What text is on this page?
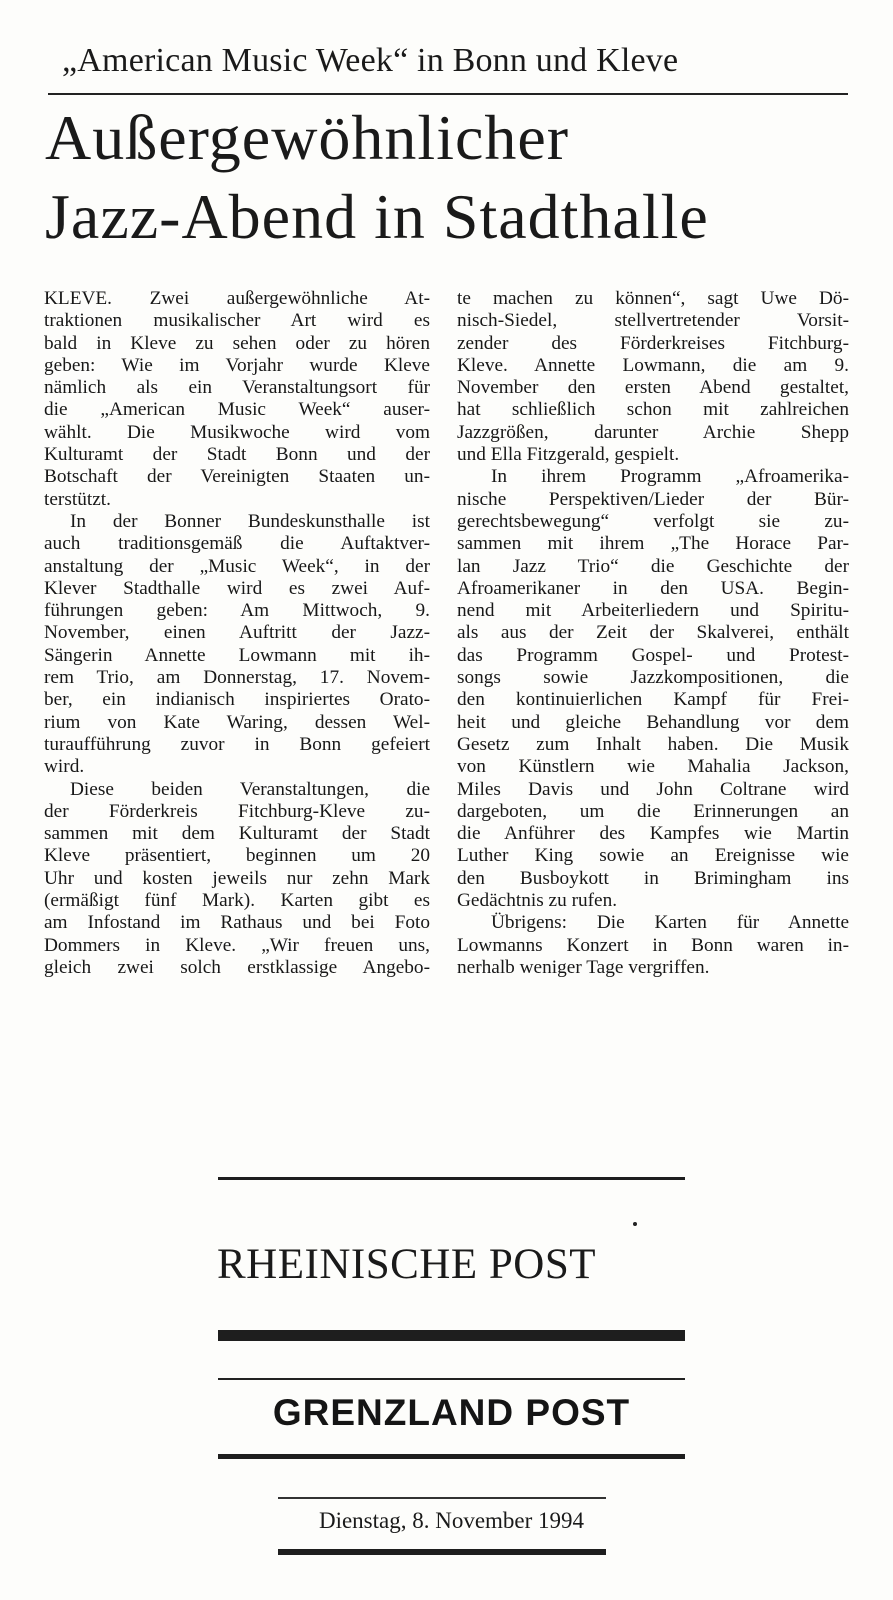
„American Music Week“ in Bonn und Kleve
Außergewöhnlicher
Jazz-Abend in Stadthalle
KLEVE. Zwei außergewöhnliche At-
traktionen musikalischer Art wird es
bald in Kleve zu sehen oder zu hören
geben: Wie im Vorjahr wurde Kleve
nämlich als ein Veranstaltungsort für
die „American Music Week“ auser-
wählt. Die Musikwoche wird vom
Kulturamt der Stadt Bonn und der
Botschaft der Vereinigten Staaten un-
terstützt.
In der Bonner Bundeskunsthalle ist
auch traditionsgemäß die Auftaktver-
anstaltung der „Music Week“, in der
Klever Stadthalle wird es zwei Auf-
führungen geben: Am Mittwoch, 9.
November, einen Auftritt der Jazz-
Sängerin Annette Lowmann mit ih-
rem Trio, am Donnerstag, 17. Novem-
ber, ein indianisch inspiriertes Orato-
rium von Kate Waring, dessen Wel-
turaufführung zuvor in Bonn gefeiert
wird.
Diese beiden Veranstaltungen, die
der Förderkreis Fitchburg-Kleve zu-
sammen mit dem Kulturamt der Stadt
Kleve präsentiert, beginnen um 20
Uhr und kosten jeweils nur zehn Mark
(ermäßigt fünf Mark). Karten gibt es
am Infostand im Rathaus und bei Foto
Dommers in Kleve. „Wir freuen uns,
gleich zwei solch erstklassige Angebo-
te machen zu können“, sagt Uwe Dö-
nisch-Siedel, stellvertretender Vorsit-
zender des Förderkreises Fitchburg-
Kleve. Annette Lowmann, die am 9.
November den ersten Abend gestaltet,
hat schließlich schon mit zahlreichen
Jazzgrößen, darunter Archie Shepp
und Ella Fitzgerald, gespielt.
In ihrem Programm „Afroamerika-
nische Perspektiven/Lieder der Bür-
gerechtsbewegung“ verfolgt sie zu-
sammen mit ihrem „The Horace Par-
lan Jazz Trio“ die Geschichte der
Afroamerikaner in den USA. Begin-
nend mit Arbeiterliedern und Spiritu-
als aus der Zeit der Skalverei, enthält
das Programm Gospel- und Protest-
songs sowie Jazzkompositionen, die
den kontinuierlichen Kampf für Frei-
heit und gleiche Behandlung vor dem
Gesetz zum Inhalt haben. Die Musik
von Künstlern wie Mahalia Jackson,
Miles Davis und John Coltrane wird
dargeboten, um die Erinnerungen an
die Anführer des Kampfes wie Martin
Luther King sowie an Ereignisse wie
den Busboykott in Brimingham ins
Gedächtnis zu rufen.
Übrigens: Die Karten für Annette
Lowmanns Konzert in Bonn waren in-
nerhalb weniger Tage vergriffen.
RHEINISCHE POST
GRENZLAND POST
Dienstag, 8. November 1994
